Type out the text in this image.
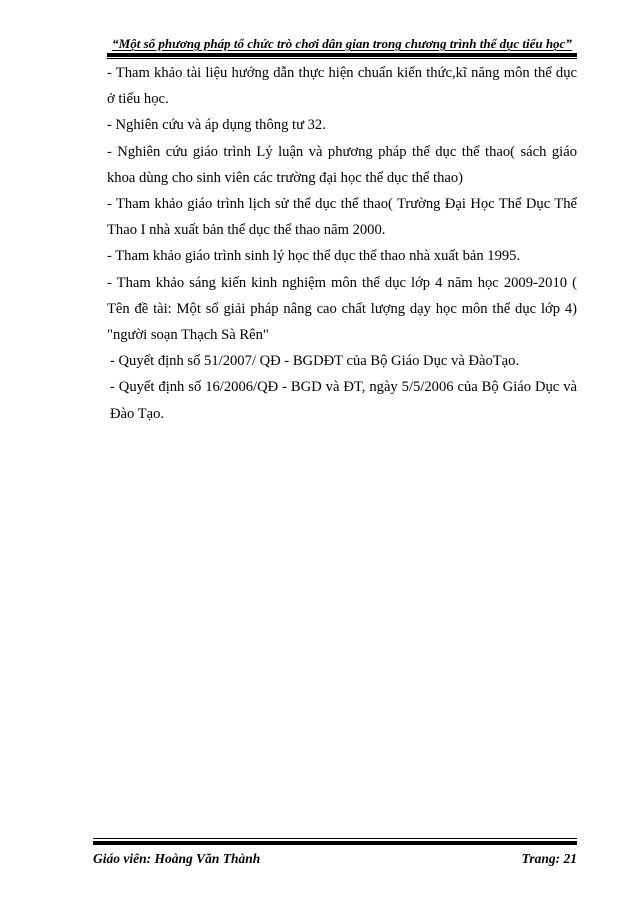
“Một số phương pháp tổ chức trò chơi dân gian trong chương trình thể dục tiểu học”

- Tham khảo tài liệu hướng dẫn thực hiện chuẩn kiến thức,kĩ năng môn thể dục ở tiểu học.

- Nghiên cứu và áp dụng thông tư 32.

- Nghiên cứu giáo trình Lý luận và phương pháp thể dục thể thao( sách giáo khoa dùng cho sinh viên các trường đại học thể dục thể thao)

- Tham khảo giáo trình lịch sử thể dục thể thao( Trường Đại Học Thể Dục Thể Thao I nhà xuất bản thể dục thể thao năm 2000.

- Tham khảo giáo trình sinh lý học thể dục thể thao nhà xuất bản 1995.

- Tham khảo sáng kiến kinh nghiệm môn thể dục lớp 4 năm học 2009-2010 ( Tên đề tài: Một số giải pháp nâng cao chất lượng dạy học môn thể dục lớp 4) "người soạn Thạch Sà Rên"

- Quyết định số 51/2007/ QĐ - BGDĐT của Bộ Giáo Dục và ĐàoTạo.

- Quyết định số 16/2006/QĐ - BGD và ĐT, ngày 5/5/2006 của Bộ Giáo Dục và Đào Tạo.

Giáo viên: Hoàng Văn Thành	Trang: 21
